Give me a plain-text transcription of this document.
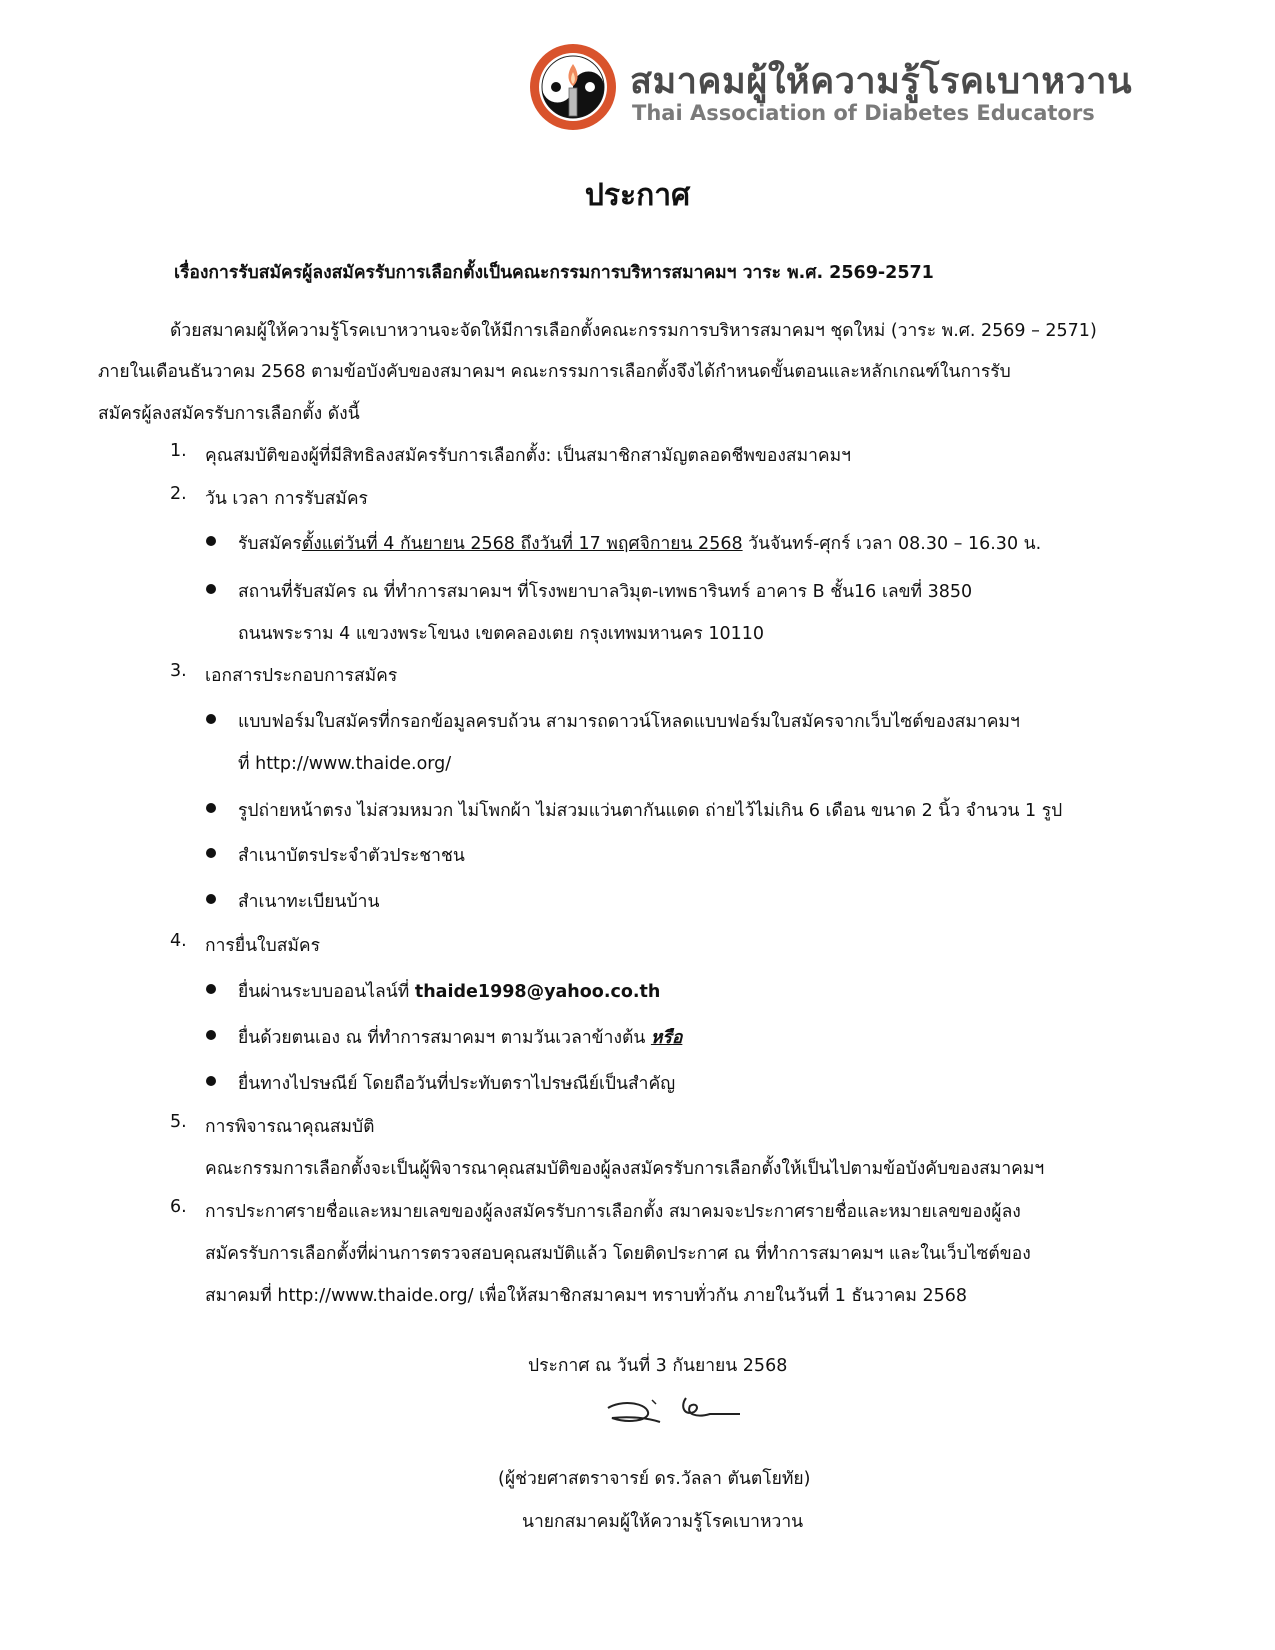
สมาคมผู้ให้ความรู้โรคเบาหวาน
Thai Association of Diabetes Educators
ประกาศ
เรื่องการรับสมัครผู้ลงสมัครรับการเลือกตั้งเป็นคณะกรรมการบริหารสมาคมฯ วาระ พ.ศ. 2569-2571
ด้วยสมาคมผู้ให้ความรู้โรคเบาหวานจะจัดให้มีการเลือกตั้งคณะกรรมการบริหารสมาคมฯ ชุดใหม่ (วาระ พ.ศ. 2569 – 2571)
ภายในเดือนธันวาคม 2568 ตามข้อบังคับของสมาคมฯ คณะกรรมการเลือกตั้งจึงได้กำหนดขั้นตอนและหลักเกณฑ์ในการรับ
สมัครผู้ลงสมัครรับการเลือกตั้ง ดังนี้
1. คุณสมบัติของผู้ที่มีสิทธิลงสมัครรับการเลือกตั้ง: เป็นสมาชิกสามัญตลอดชีพของสมาคมฯ
2. วัน เวลา การรับสมัคร
รับสมัครตั้งแต่วันที่ 4 กันยายน 2568 ถึงวันที่ 17 พฤศจิกายน 2568 วันจันทร์-ศุกร์ เวลา 08.30 – 16.30 น.
สถานที่รับสมัคร ณ ที่ทำการสมาคมฯ ที่โรงพยาบาลวิมุต-เทพธารินทร์ อาคาร B ชั้น16 เลขที่ 3850
ถนนพระราม 4 แขวงพระโขนง เขตคลองเตย กรุงเทพมหานคร 10110
3. เอกสารประกอบการสมัคร
แบบฟอร์มใบสมัครที่กรอกข้อมูลครบถ้วน สามารถดาวน์โหลดแบบฟอร์มใบสมัครจากเว็บไซต์ของสมาคมฯ
ที่ http://www.thaide.org/
รูปถ่ายหน้าตรง ไม่สวมหมวก ไม่โพกผ้า ไม่สวมแว่นตากันแดด ถ่ายไว้ไม่เกิน 6 เดือน ขนาด 2 นิ้ว จำนวน 1 รูป
สำเนาบัตรประจำตัวประชาชน
สำเนาทะเบียนบ้าน
4. การยื่นใบสมัคร
ยื่นผ่านระบบออนไลน์ที่ thaide1998@yahoo.co.th
ยื่นด้วยตนเอง ณ ที่ทำการสมาคมฯ ตามวันเวลาข้างต้น หรือ
ยื่นทางไปรษณีย์ โดยถือวันที่ประทับตราไปรษณีย์เป็นสำคัญ
5. การพิจารณาคุณสมบัติ
คณะกรรมการเลือกตั้งจะเป็นผู้พิจารณาคุณสมบัติของผู้ลงสมัครรับการเลือกตั้งให้เป็นไปตามข้อบังคับของสมาคมฯ
6. การประกาศรายชื่อและหมายเลขของผู้ลงสมัครรับการเลือกตั้ง สมาคมจะประกาศรายชื่อและหมายเลขของผู้ลง
สมัครรับการเลือกตั้งที่ผ่านการตรวจสอบคุณสมบัติแล้ว โดยติดประกาศ ณ ที่ทำการสมาคมฯ และในเว็บไซต์ของ
สมาคมที่ http://www.thaide.org/ เพื่อให้สมาชิกสมาคมฯ ทราบทั่วกัน ภายในวันที่ 1 ธันวาคม 2568
ประกาศ ณ วันที่ 3 กันยายน 2568
(ผู้ช่วยศาสตราจารย์ ดร.วัลลา ตันตโยทัย)
นายกสมาคมผู้ให้ความรู้โรคเบาหวาน
